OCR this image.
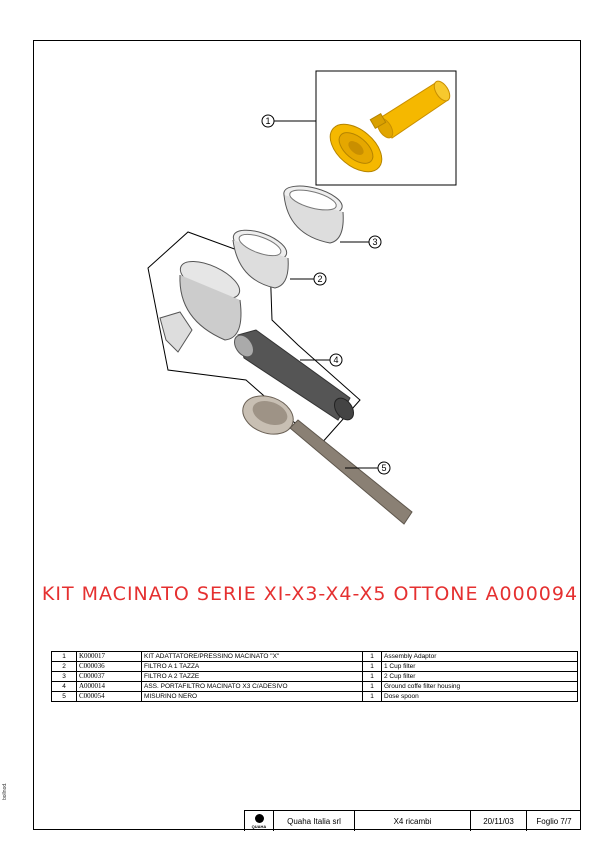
bollnod.
1
3
2
4
5
KIT MACINATO SERIE XI-X3-X4-X5 OTTONE A000094
1	K000017	KIT ADATTATORE/PRESSINO MACINATO "X"	1	Assembly Adaptor
2	C000036	FILTRO A 1 TAZZA	1	1 Cup filter
3	C000037	FILTRO A 2 TAZZE	1	2 Cup filter
4	A000014	ASS. PORTAFILTRO MACINATO X3 C/ADESIVO	1	Ground coffe filter housing
5	C000054	MISURINO NERO	1	Dose spoon
QUAHA
Quaha Italia srl	X4 ricambi	20/11/03	Foglio 7/7
